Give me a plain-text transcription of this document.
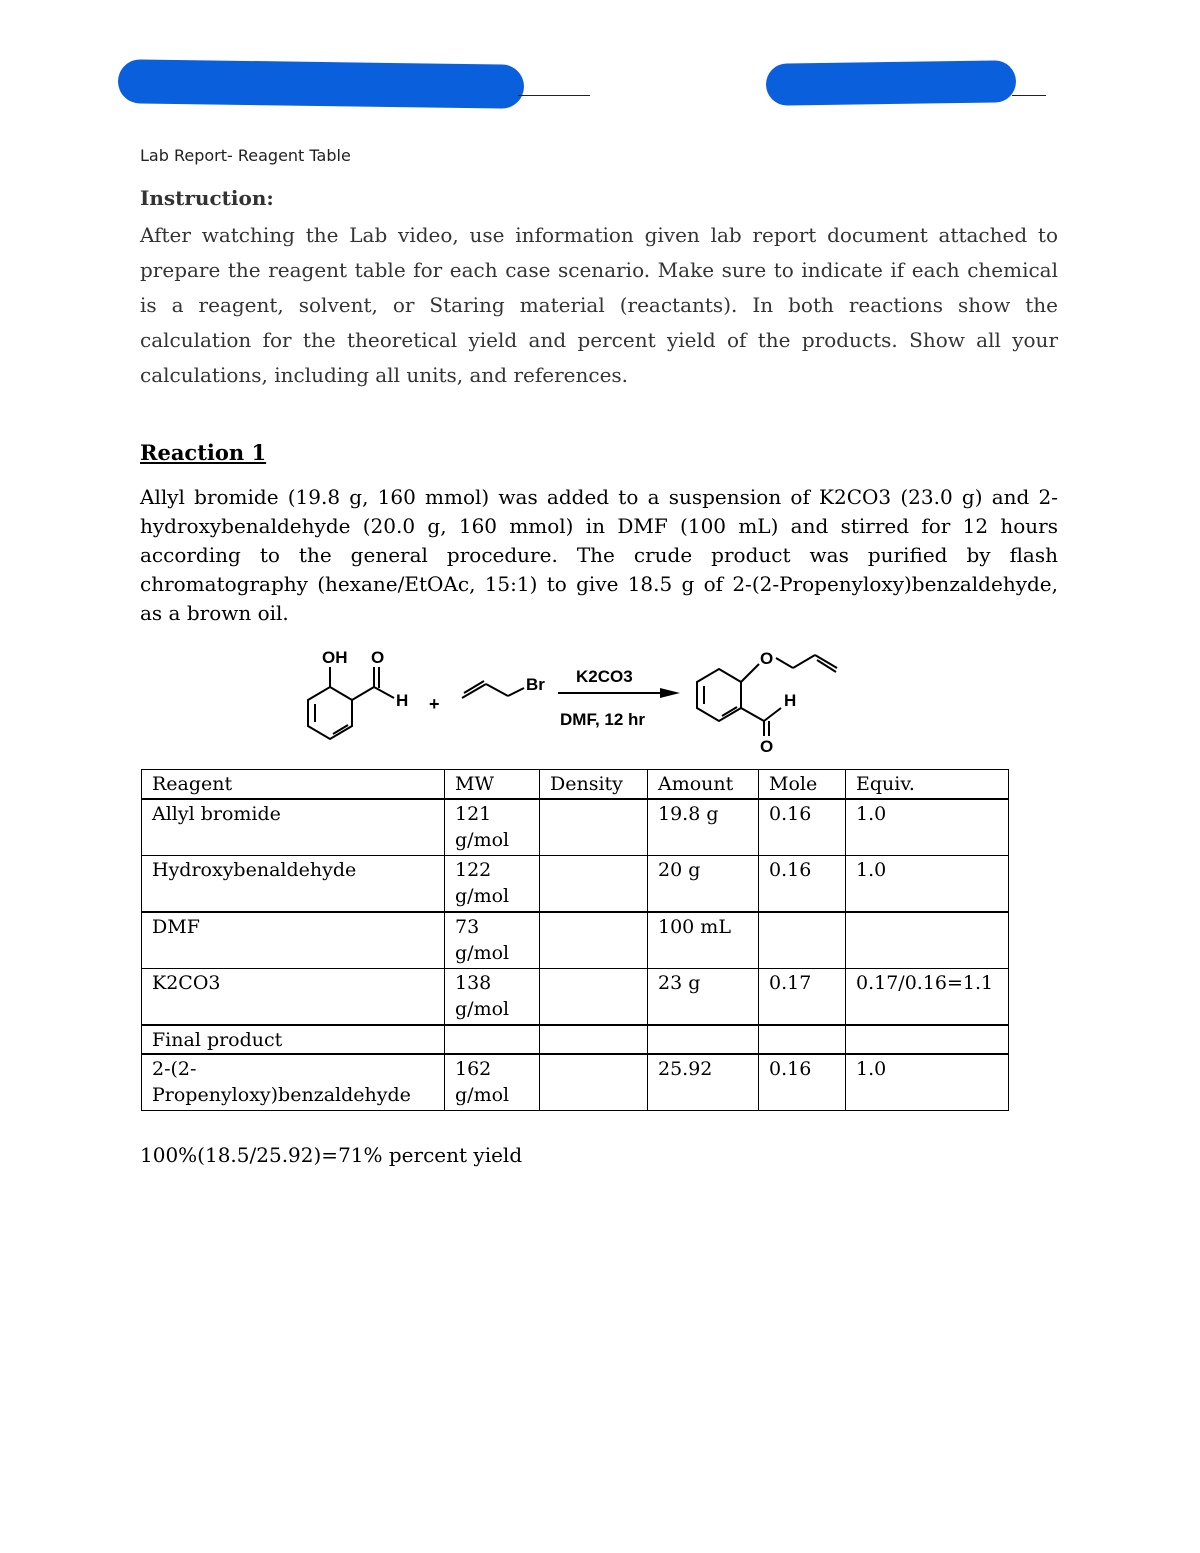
Lab Report- Reagent Table
Instruction:
After watching the Lab video, use information given lab report document attached to prepare the reagent table for each case scenario. Make sure to indicate if each chemical is a reagent, solvent, or Staring material (reactants). In both reactions show the calculation for the theoretical yield and percent yield of the products. Show all your calculations, including all units, and references.
Reaction 1
Allyl bromide (19.8 g, 160 mmol) was added to a suspension of K2CO3 (23.0 g) and 2-hydroxybenaldehyde (20.0 g, 160 mmol) in DMF (100 mL) and stirred for 12 hours according to the general procedure. The crude product was purified by flash chromatography (hexane/EtOAc, 15:1) to give 18.5 g of 2-(2-Propenyloxy)benzaldehyde, as a brown oil.
OH O
H +
Br K2CO3
DMF, 12 hr
O
H
O
Reagent	MW	Density	Amount	Mole	Equiv.
Allyl bromide	121 g/mol		19.8 g	0.16	1.0
Hydroxybenaldehyde	122 g/mol		20 g	0.16	1.0
DMF	73 g/mol		100 mL		
K2CO3	138 g/mol		23 g	0.17	0.17/0.16=1.1
Final product					
2-(2-Propenyloxy)benzaldehyde	162 g/mol		25.92	0.16	1.0
100%(18.5/25.92)=71% percent yield
